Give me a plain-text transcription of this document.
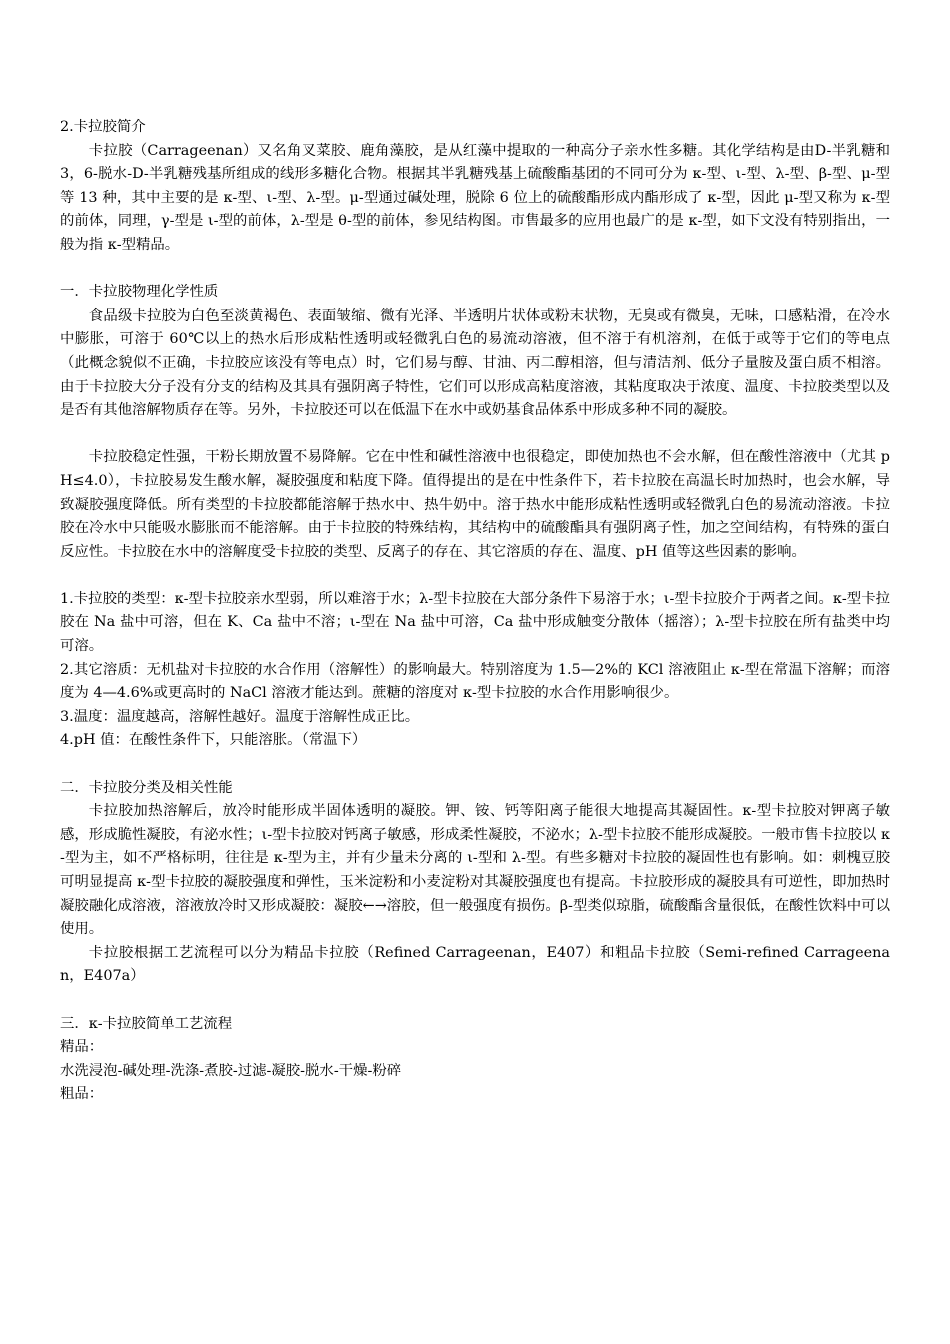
2.卡拉胶简介

卡拉胶（Carrageenan）又名角叉菜胶、鹿角藻胶，是从红藻中提取的一种高分子亲水性多糖。其化学结构是由D-半乳糖和 3，6-脱水-D-半乳糖残基所组成的线形多糖化合物。根据其半乳糖残基上硫酸酯基团的不同可分为 κ-型、ι-型、λ-型、β-型、μ-型等 13 种，其中主要的是 κ-型、ι-型、λ-型。μ-型通过碱处理，脱除 6 位上的硫酸酯形成内酯形成了 κ-型，因此 μ-型又称为 κ-型的前体，同理，γ-型是 ι-型的前体，λ-型是 θ-型的前体，参见结构图。市售最多的应用也最广的是 κ-型，如下文没有特别指出，一般为指 κ-型精品。

一．卡拉胶物理化学性质

食品级卡拉胶为白色至淡黄褐色、表面皱缩、微有光泽、半透明片状体或粉末状物，无臭或有微臭，无味，口感粘滑，在冷水中膨胀，可溶于 60℃以上的热水后形成粘性透明或轻微乳白色的易流动溶液，但不溶于有机溶剂，在低于或等于它们的等电点（此概念貌似不正确，卡拉胶应该没有等电点）时，它们易与醇、甘油、丙二醇相溶，但与清洁剂、低分子量胺及蛋白质不相溶。由于卡拉胶大分子没有分支的结构及其具有强阴离子特性，它们可以形成高粘度溶液，其粘度取决于浓度、温度、卡拉胶类型以及是否有其他溶解物质存在等。另外，卡拉胶还可以在低温下在水中或奶基食品体系中形成多种不同的凝胶。

卡拉胶稳定性强，干粉长期放置不易降解。它在中性和碱性溶液中也很稳定，即使加热也不会水解，但在酸性溶液中（尤其 pH≤4.0），卡拉胶易发生酸水解，凝胶强度和粘度下降。值得提出的是在中性条件下，若卡拉胶在高温长时加热时，也会水解，导致凝胶强度降低。所有类型的卡拉胶都能溶解于热水中、热牛奶中。溶于热水中能形成粘性透明或轻微乳白色的易流动溶液。卡拉胶在冷水中只能吸水膨胀而不能溶解。由于卡拉胶的特殊结构，其结构中的硫酸酯具有强阴离子性，加之空间结构，有特殊的蛋白反应性。卡拉胶在水中的溶解度受卡拉胶的类型、反离子的存在、其它溶质的存在、温度、pH 值等这些因素的影响。

1.卡拉胶的类型：κ-型卡拉胶亲水型弱，所以难溶于水；λ-型卡拉胶在大部分条件下易溶于水；ι-型卡拉胶介于两者之间。κ-型卡拉胶在 Na 盐中可溶，但在 K、Ca 盐中不溶；ι-型在 Na 盐中可溶，Ca 盐中形成触变分散体（摇溶）；λ-型卡拉胶在所有盐类中均可溶。

2.其它溶质：无机盐对卡拉胶的水合作用（溶解性）的影响最大。特别溶度为 1.5—2%的 KCl 溶液阻止 κ-型在常温下溶解；而溶度为 4—4.6%或更高时的 NaCl 溶液才能达到。蔗糖的溶度对 κ-型卡拉胶的水合作用影响很少。

3.温度：温度越高，溶解性越好。温度于溶解性成正比。

4.pH 值：在酸性条件下，只能溶胀。（常温下）

二．卡拉胶分类及相关性能

卡拉胶加热溶解后，放冷时能形成半固体透明的凝胶。钾、铵、钙等阳离子能很大地提高其凝固性。κ-型卡拉胶对钾离子敏感，形成脆性凝胶，有泌水性；ι-型卡拉胶对钙离子敏感，形成柔性凝胶，不泌水；λ-型卡拉胶不能形成凝胶。一般市售卡拉胶以 κ-型为主，如不严格标明，往往是 κ-型为主，并有少量未分离的 ι-型和 λ-型。有些多糖对卡拉胶的凝固性也有影响。如：刺槐豆胶可明显提高 κ-型卡拉胶的凝胶强度和弹性，玉米淀粉和小麦淀粉对其凝胶强度也有提高。卡拉胶形成的凝胶具有可逆性，即加热时凝胶融化成溶液，溶液放冷时又形成凝胶：凝胶←→溶胶，但一般强度有损伤。β-型类似琼脂，硫酸酯含量很低，在酸性饮料中可以使用。

卡拉胶根据工艺流程可以分为精品卡拉胶（Refined Carrageenan，E407）和粗品卡拉胶（Semi-refined Carrageenan，E407a）

三．κ-卡拉胶简单工艺流程

精品：

水洗浸泡-碱处理-洗涤-煮胶-过滤-凝胶-脱水-干燥-粉碎

粗品：
